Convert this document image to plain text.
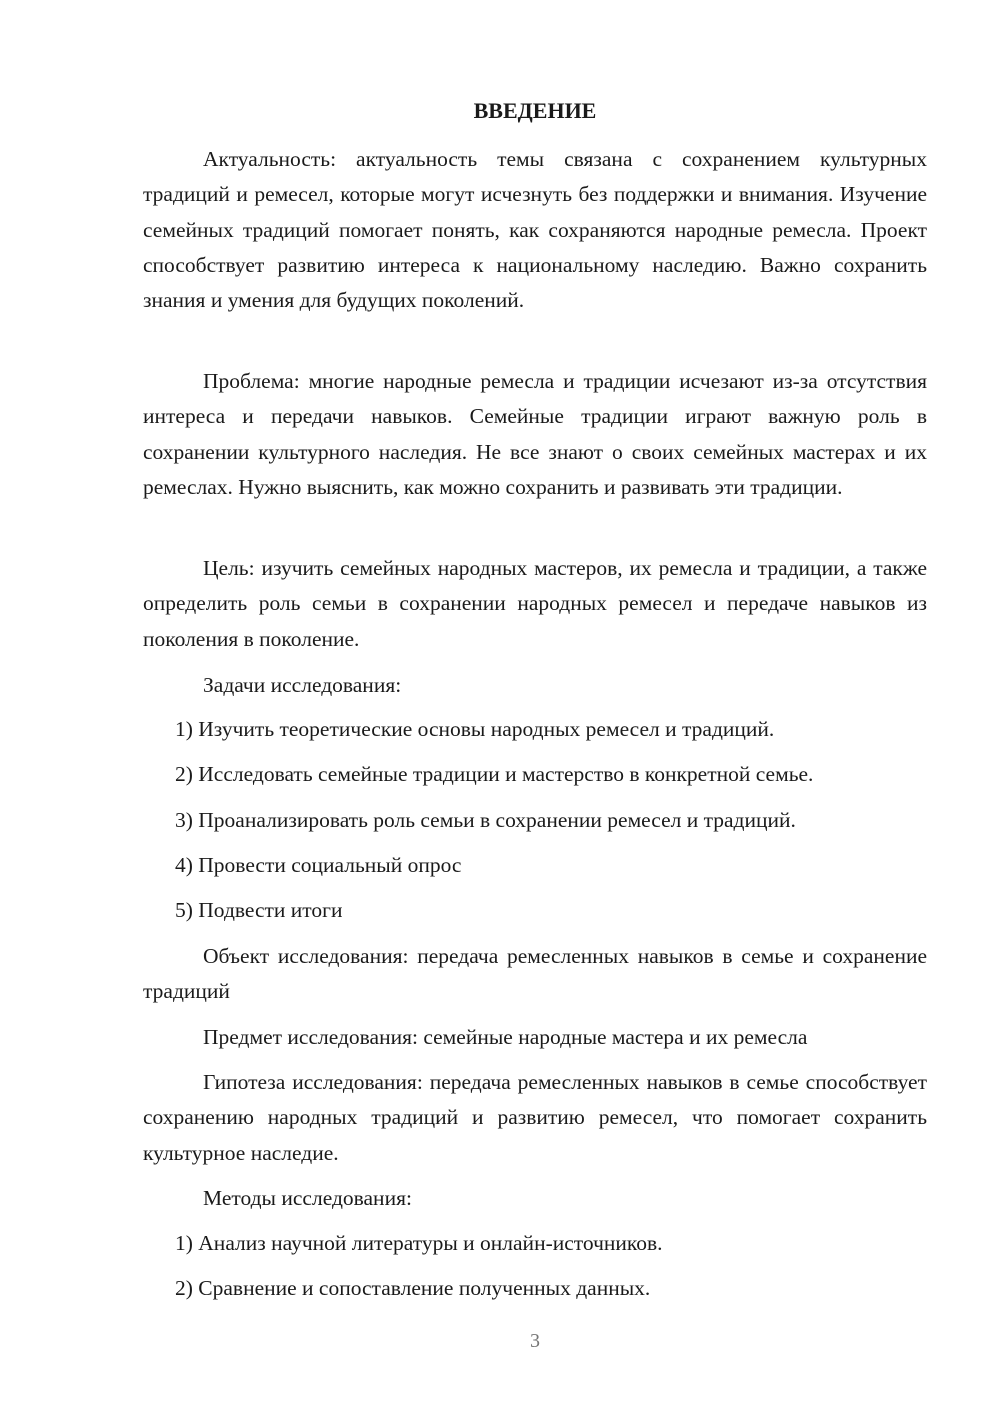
ВВЕДЕНИЕ

Актуальность: актуальность темы связана с сохранением культурных традиций и ремесел, которые могут исчезнуть без поддержки и внимания. Изучение семейных традиций помогает понять, как сохраняются народные ремесла. Проект способствует развитию интереса к национальному наследию. Важно сохранить знания и умения для будущих поколений.

Проблема: многие народные ремесла и традиции исчезают из-за отсутствия интереса и передачи навыков. Семейные традиции играют важную роль в сохранении культурного наследия. Не все знают о своих семейных мастерах и их ремеслах. Нужно выяснить, как можно сохранить и развивать эти традиции.

Цель: изучить семейных народных мастеров, их ремесла и традиции, а также определить роль семьи в сохранении народных ремесел и передаче навыков из поколения в поколение.

Задачи исследования:

1) Изучить теоретические основы народных ремесел и традиций.

2) Исследовать семейные традиции и мастерство в конкретной семье.

3) Проанализировать роль семьи в сохранении ремесел и традиций.

4) Провести социальный опрос

5) Подвести итоги

Объект исследования: передача ремесленных навыков в семье и сохранение традиций

Предмет исследования: семейные народные мастера и их ремесла

Гипотеза исследования: передача ремесленных навыков в семье способствует сохранению народных традиций и развитию ремесел, что помогает сохранить культурное наследие.

Методы исследования:

1) Анализ научной литературы и онлайн-источников.

2) Сравнение и сопоставление полученных данных.

3
